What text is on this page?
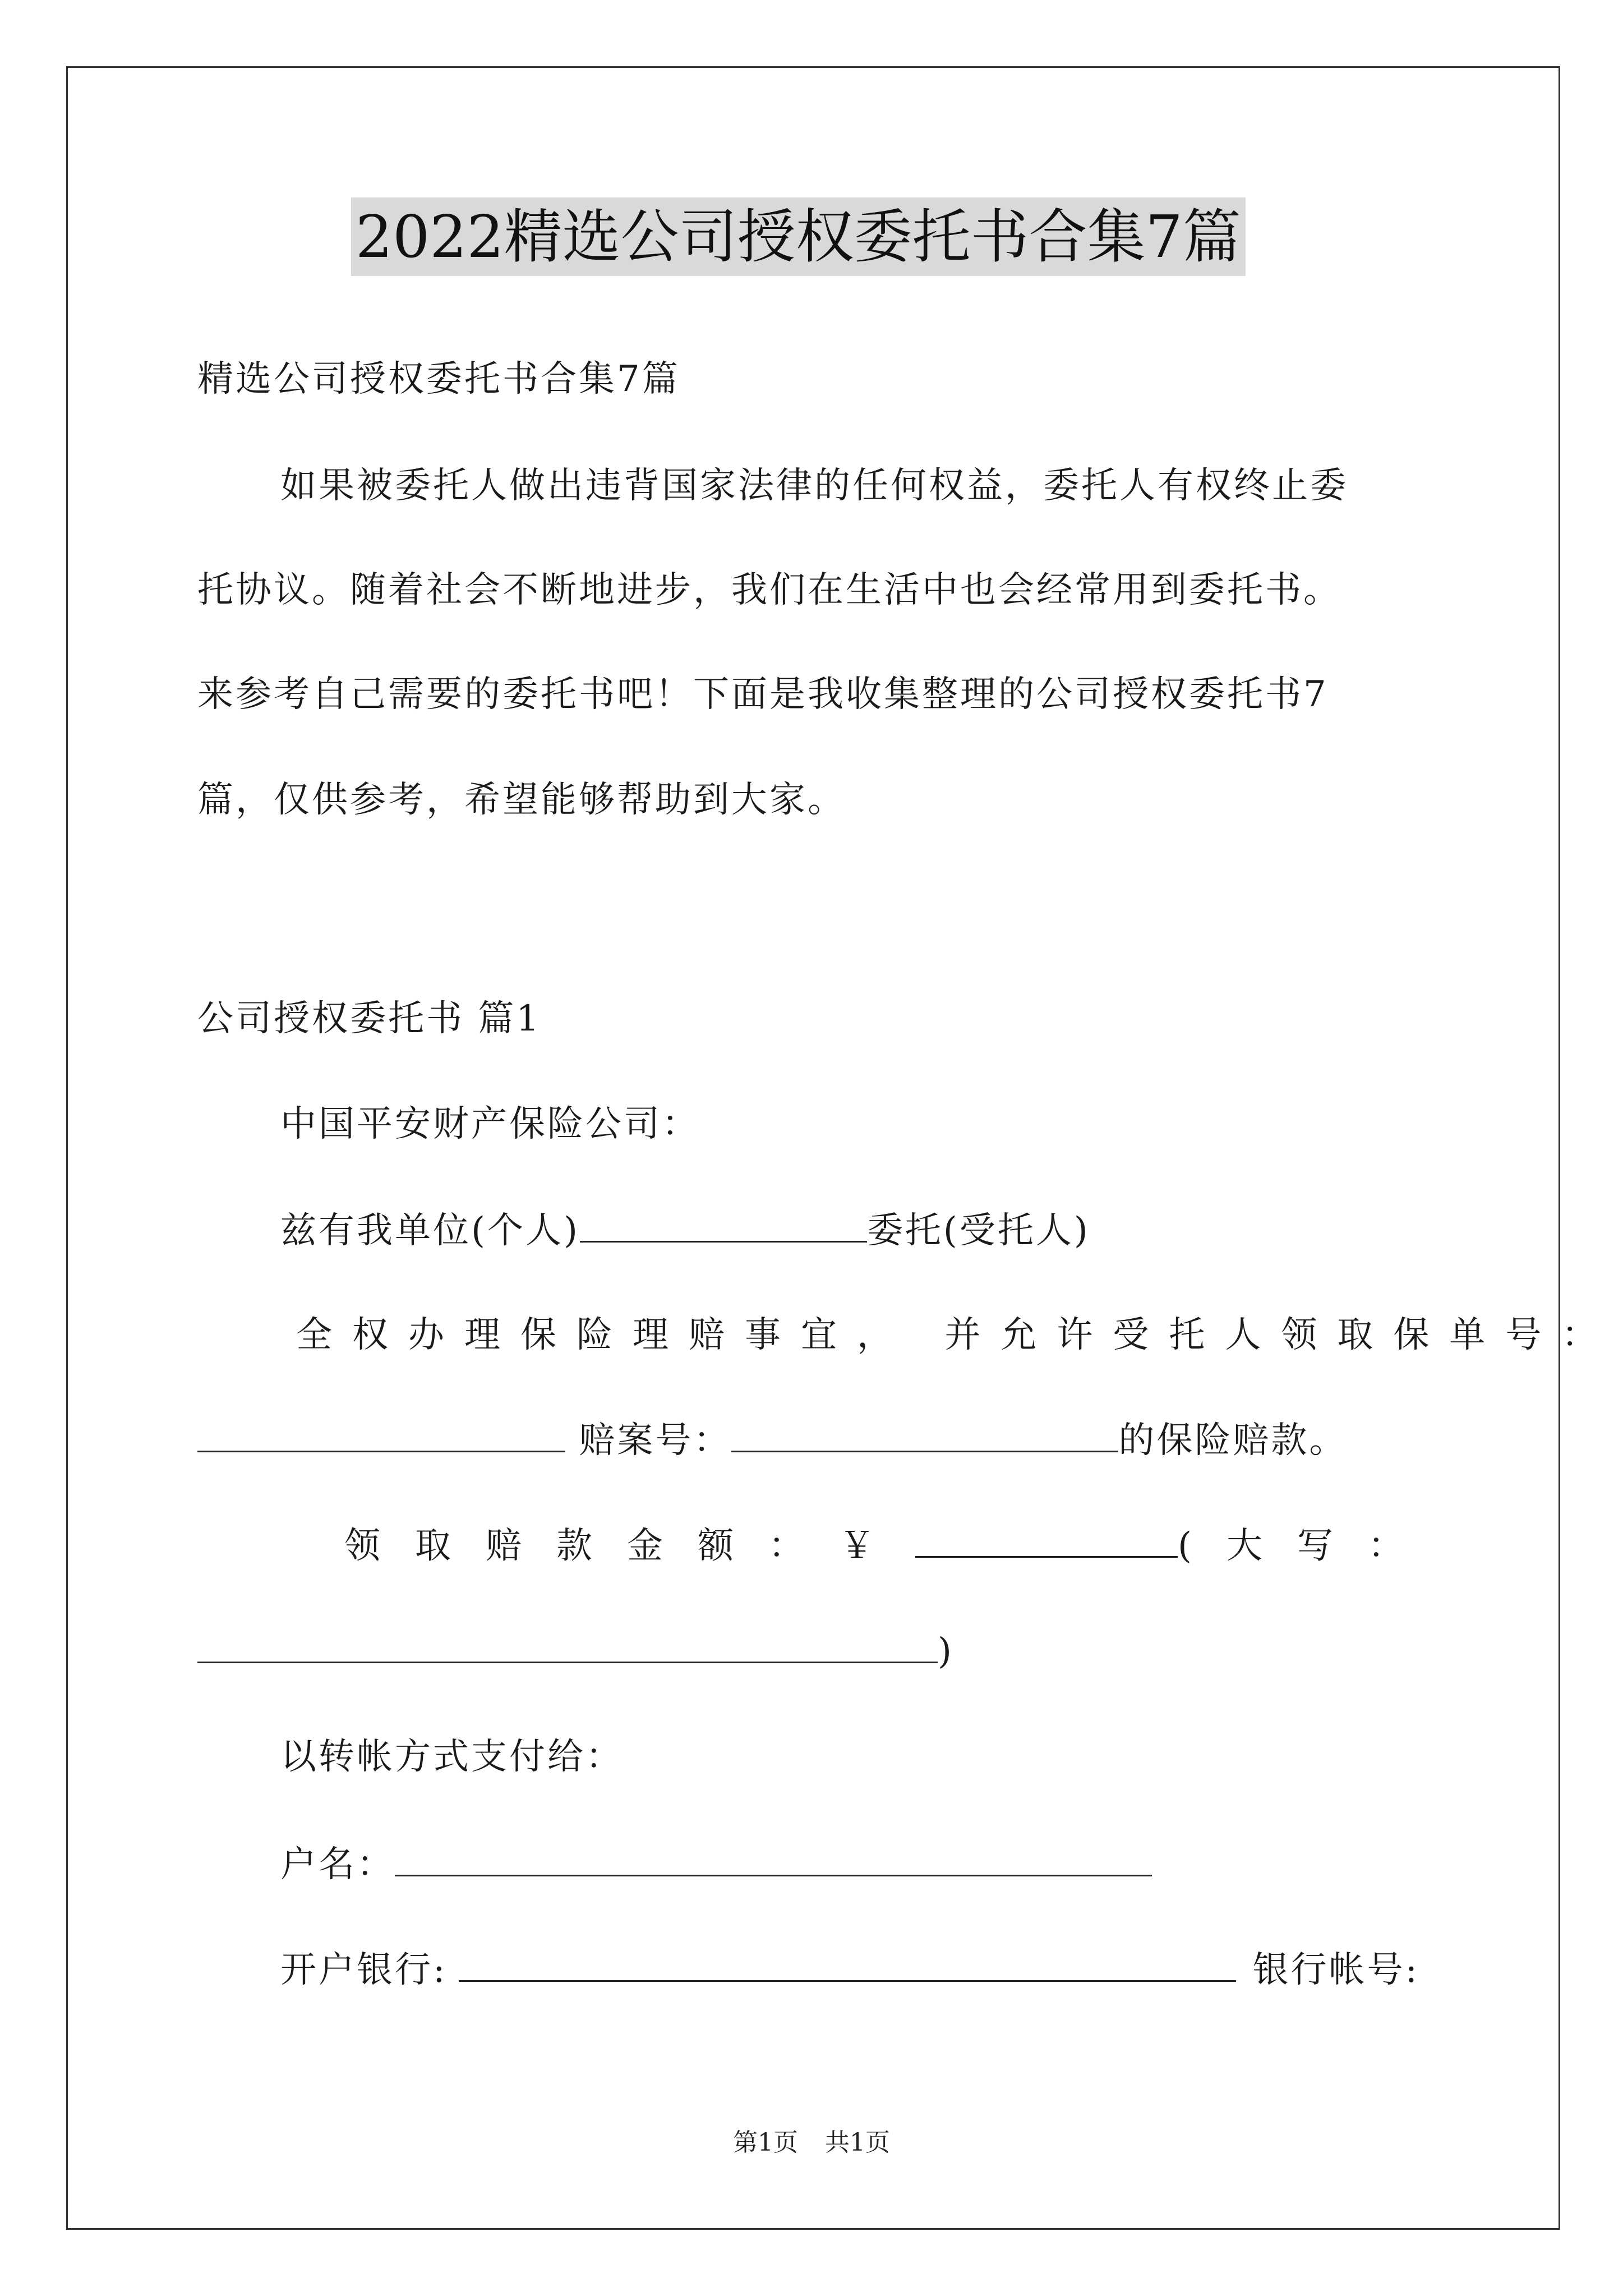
2022精选公司授权委托书合集7篇
精选公司授权委托书合集7篇
如果被委托人做出违背国家法律的任何权益，委托人有权终止委
托协议。随着社会不断地进步，我们在生活中也会经常用到委托书。
来参考自己需要的委托书吧！下面是我收集整理的公司授权委托书7
篇，仅供参考，希望能够帮助到大家。
公司授权委托书 篇1
中国平安财产保险公司：
兹有我单位(个人)	委托(受托人)
全权办理保险理赔事宜， 并允许受托人领取保单号：
赔案号：	的保险赔款。
领取赔款金额：￥	(大写：
)
以转帐方式支付给：
户名：
开户银行:	银行帐号:
第1页 共1页
